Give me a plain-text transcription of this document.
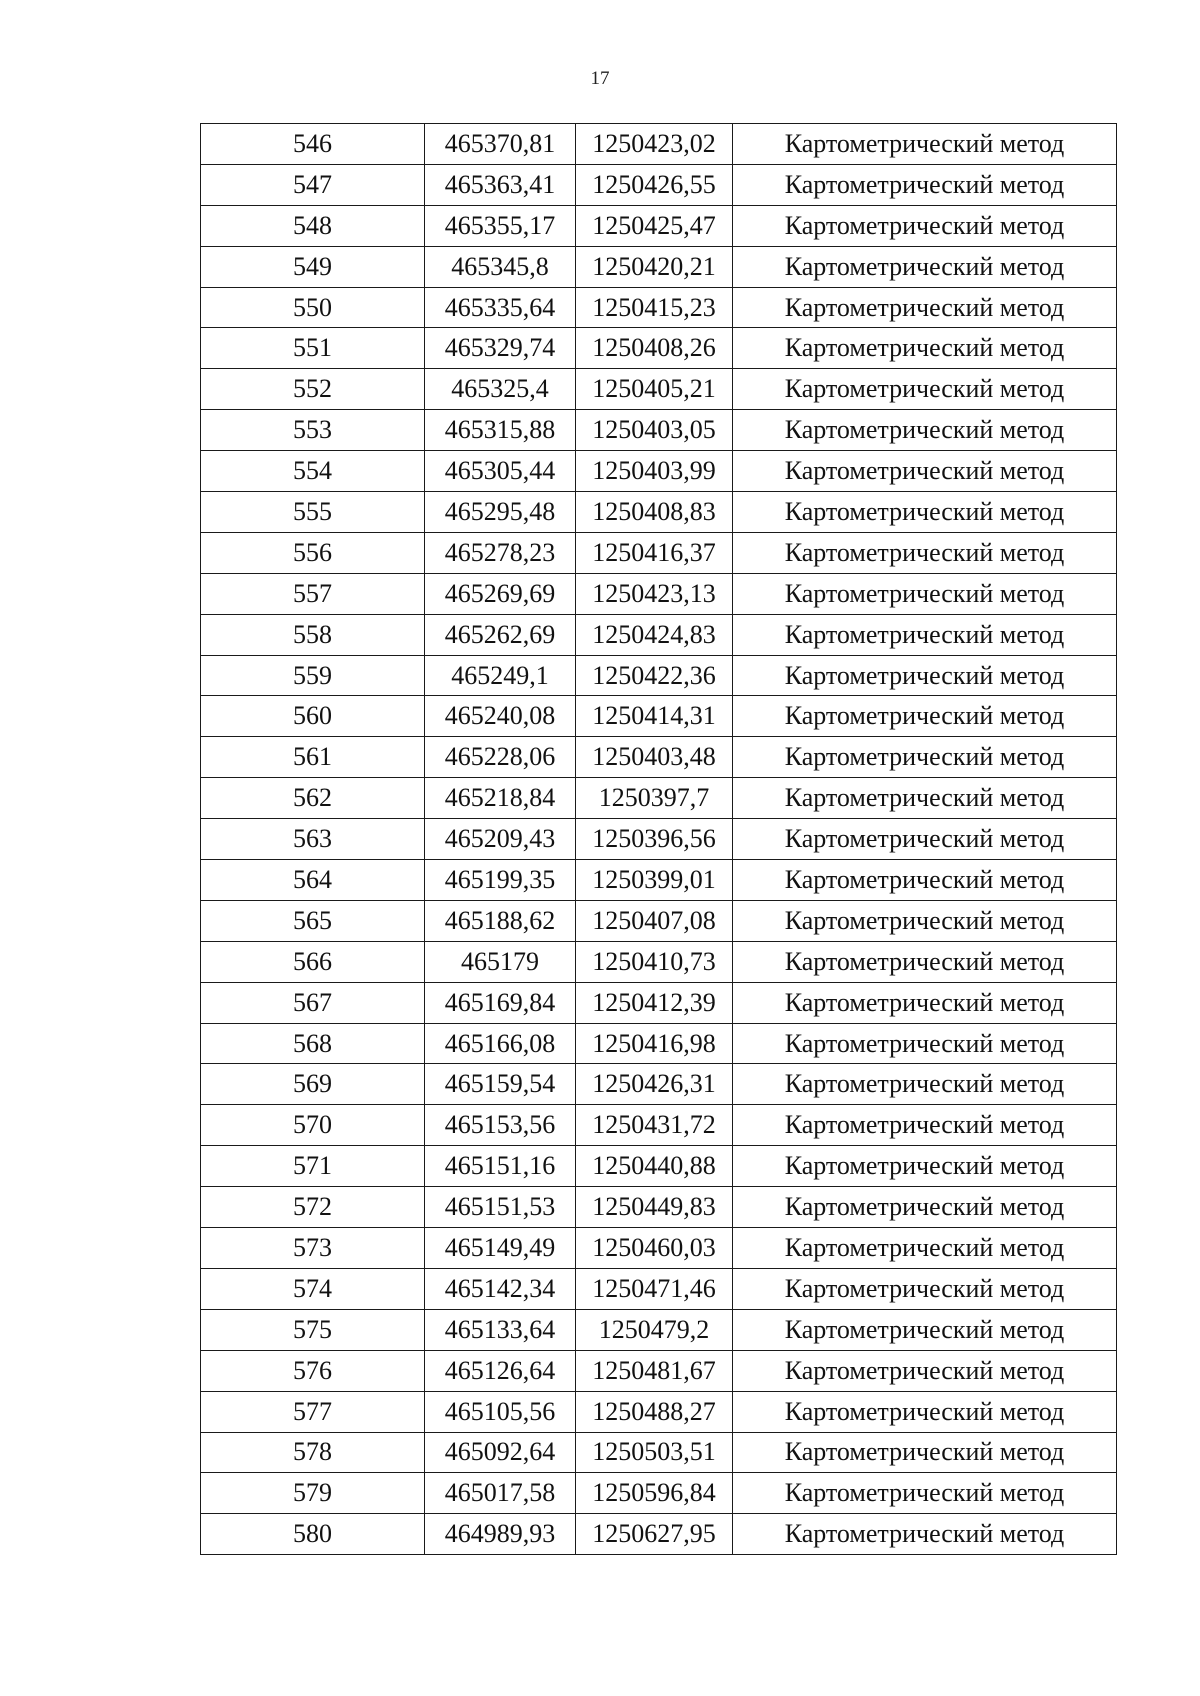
17
546	465370,81	1250423,02	Картометрический метод
547	465363,41	1250426,55	Картометрический метод
548	465355,17	1250425,47	Картометрический метод
549	465345,8	1250420,21	Картометрический метод
550	465335,64	1250415,23	Картометрический метод
551	465329,74	1250408,26	Картометрический метод
552	465325,4	1250405,21	Картометрический метод
553	465315,88	1250403,05	Картометрический метод
554	465305,44	1250403,99	Картометрический метод
555	465295,48	1250408,83	Картометрический метод
556	465278,23	1250416,37	Картометрический метод
557	465269,69	1250423,13	Картометрический метод
558	465262,69	1250424,83	Картометрический метод
559	465249,1	1250422,36	Картометрический метод
560	465240,08	1250414,31	Картометрический метод
561	465228,06	1250403,48	Картометрический метод
562	465218,84	1250397,7	Картометрический метод
563	465209,43	1250396,56	Картометрический метод
564	465199,35	1250399,01	Картометрический метод
565	465188,62	1250407,08	Картометрический метод
566	465179	1250410,73	Картометрический метод
567	465169,84	1250412,39	Картометрический метод
568	465166,08	1250416,98	Картометрический метод
569	465159,54	1250426,31	Картометрический метод
570	465153,56	1250431,72	Картометрический метод
571	465151,16	1250440,88	Картометрический метод
572	465151,53	1250449,83	Картометрический метод
573	465149,49	1250460,03	Картометрический метод
574	465142,34	1250471,46	Картометрический метод
575	465133,64	1250479,2	Картометрический метод
576	465126,64	1250481,67	Картометрический метод
577	465105,56	1250488,27	Картометрический метод
578	465092,64	1250503,51	Картометрический метод
579	465017,58	1250596,84	Картометрический метод
580	464989,93	1250627,95	Картометрический метод
